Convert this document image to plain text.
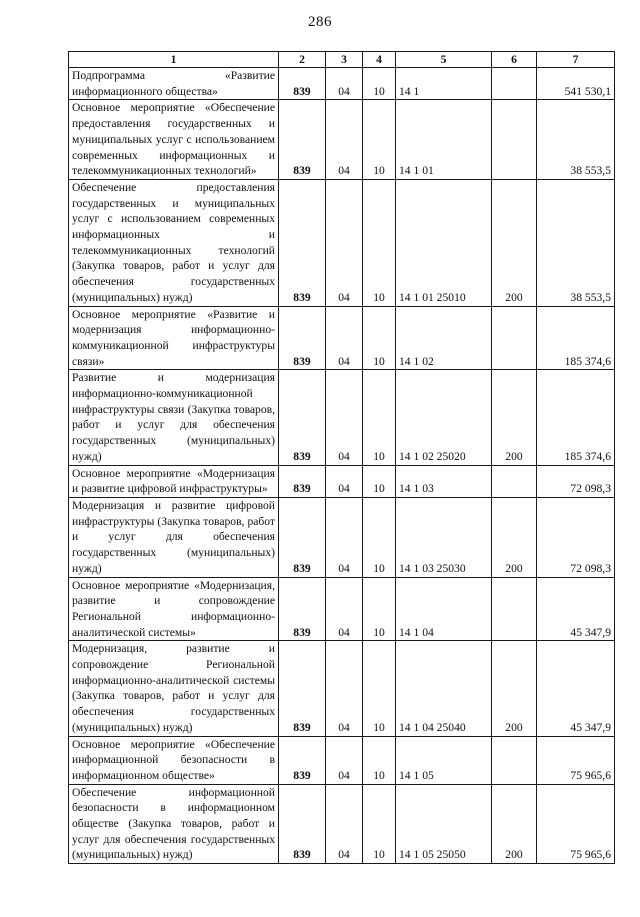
286
1	2	3	4	5	6	7
Подпрограмма «Развитие информационного общества»	839	04	10	14 1		541 530,1
Основное мероприятие «Обеспечение предоставления государственных и муниципальных услуг с использованием современных информационных и телекоммуникационных технологий»	839	04	10	14 1 01		38 553,5
Обеспечение предоставления государственных и муниципальных услуг с использованием современных информационных и телекоммуникационных технологий (Закупка товаров, работ и услуг для обеспечения государственных (муниципальных) нужд)	839	04	10	14 1 01 25010	200	38 553,5
Основное мероприятие «Развитие и модернизация информационно-коммуникационной инфраструктуры связи»	839	04	10	14 1 02		185 374,6
Развитие и модернизация информационно-коммуникационной инфраструктуры связи (Закупка товаров, работ и услуг для обеспечения государственных (муниципальных) нужд)	839	04	10	14 1 02 25020	200	185 374,6
Основное мероприятие «Модернизация и развитие цифровой инфраструктуры»	839	04	10	14 1 03		72 098,3
Модернизация и развитие цифровой инфраструктуры (Закупка товаров, работ и услуг для обеспечения государственных (муниципальных) нужд)	839	04	10	14 1 03 25030	200	72 098,3
Основное мероприятие «Модернизация, развитие и сопровождение Региональной информационно-аналитической системы»	839	04	10	14 1 04		45 347,9
Модернизация, развитие и сопровождение Региональной информационно-аналитической системы (Закупка товаров, работ и услуг для обеспечения государственных (муниципальных) нужд)	839	04	10	14 1 04 25040	200	45 347,9
Основное мероприятие «Обеспечение информационной безопасности в информационном обществе»	839	04	10	14 1 05		75 965,6
Обеспечение информационной безопасности в информационном обществе (Закупка товаров, работ и услуг для обеспечения государственных (муниципальных) нужд)	839	04	10	14 1 05 25050	200	75 965,6
